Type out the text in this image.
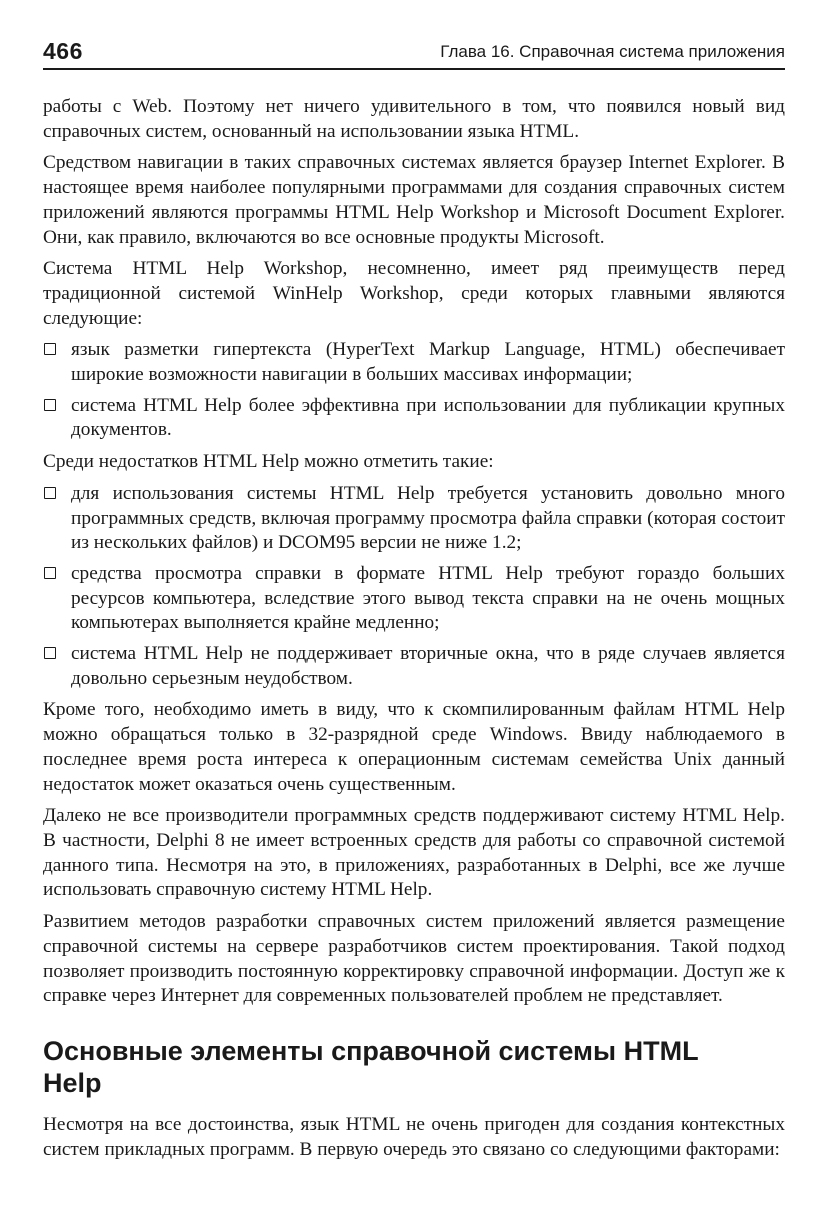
466	Глава 16. Справочная система приложения

работы с Web. Поэтому нет ничего удивительного в том, что появился новый вид справочных систем, основанный на использовании языка HTML.

Средством навигации в таких справочных системах является браузер Internet Explorer. В настоящее время наиболее популярными программами для создания справочных систем приложений являются программы HTML Help Workshop и Microsoft Document Explorer. Они, как правило, включаются во все основные продукты Microsoft.

Система HTML Help Workshop, несомненно, имеет ряд преимуществ перед традиционной системой WinHelp Workshop, среди которых главными являются следующие:

язык разметки гипертекста (HyperText Markup Language, HTML) обеспечивает широкие возможности навигации в больших массивах информации;
система HTML Help более эффективна при использовании для публикации крупных документов.

Среди недостатков HTML Help можно отметить такие:

для использования системы HTML Help требуется установить довольно много программных средств, включая программу просмотра файла справки (которая состоит из нескольких файлов) и DCOM95 версии не ниже 1.2;
средства просмотра справки в формате HTML Help требуют гораздо больших ресурсов компьютера, вследствие этого вывод текста справки на не очень мощных компьютерах выполняется крайне медленно;
система HTML Help не поддерживает вторичные окна, что в ряде случаев является довольно серьезным неудобством.

Кроме того, необходимо иметь в виду, что к скомпилированным файлам HTML Help можно обращаться только в 32-разрядной среде Windows. Ввиду наблюдаемого в последнее время роста интереса к операционным системам семейства Unix данный недостаток может оказаться очень существенным.

Далеко не все производители программных средств поддерживают систему HTML Help. В частности, Delphi 8 не имеет встроенных средств для работы со справочной системой данного типа. Несмотря на это, в приложениях, разработанных в Delphi, все же лучше использовать справочную систему HTML Help.

Развитием методов разработки справочных систем приложений является размещение справочной системы на сервере разработчиков систем проектирования. Такой подход позволяет производить постоянную корректировку справочной информации. Доступ же к справке через Интернет для современных пользователей проблем не представляет.

Основные элементы справочной системы HTML Help

Несмотря на все достоинства, язык HTML не очень пригоден для создания контекстных систем прикладных программ. В первую очередь это связано со следующими факторами:
